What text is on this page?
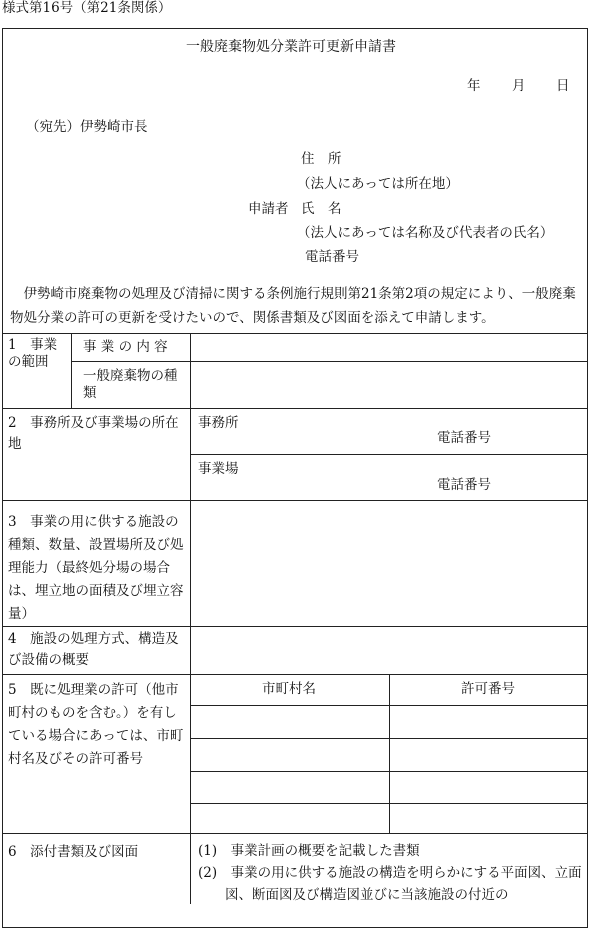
様式第16号（第21条関係）
一般廃棄物処分業許可更新申請書
年 月 日
（宛先）伊勢崎市長
住　所
（法人にあっては所在地）
申請者 氏　名
（法人にあっては名称及び代表者の氏名）
電話番号
伊勢崎市廃棄物の処理及び清掃に関する条例施行規則第21条第2項の規定により、一般廃棄物処分業の許可の更新を受けたいので、関係書類及び図面を添えて申請します。
1　事業の範囲
事 業 の 内 容
一般廃棄物の種類
2　事務所及び事業場の所在地
事務所
電話番号
事業場
電話番号
3　事業の用に供する施設の種類、数量、設置場所及び処理能力（最終処分場の場合は、埋立地の面積及び埋立容量）
4　施設の処理方式、構造及び設備の概要
5　既に処理業の許可（他市町村のものを含む。）を有している場合にあっては、市町村名及びその許可番号
市町村名	許可番号
6　添付書類及び図面	(1)　事業計画の概要を記載した書類
(2)　事業の用に供する施設の構造を明らかにする平面図、立面図、断面図及び構造図並びに当該施設の付近の
